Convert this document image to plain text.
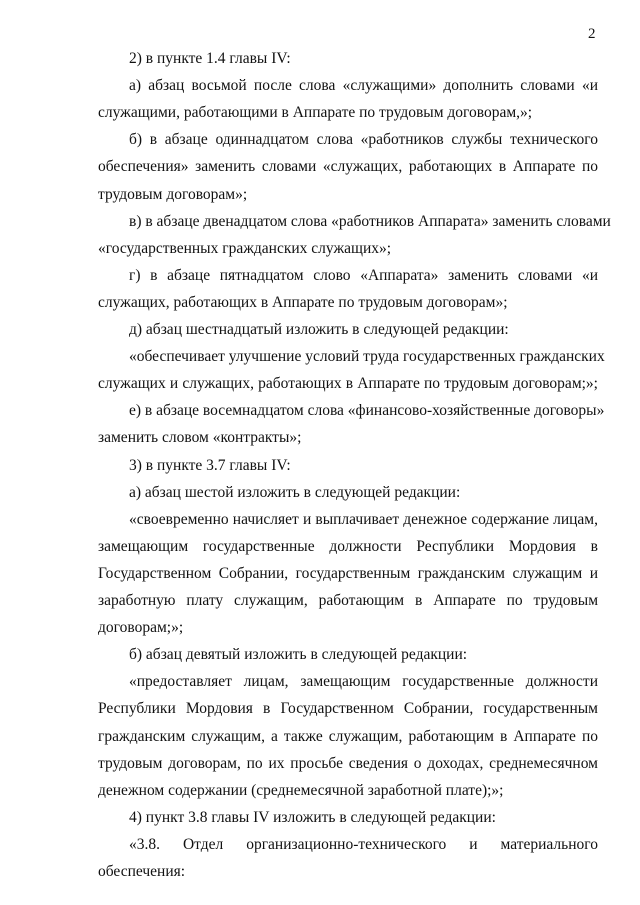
2
2) в пункте 1.4 главы IV:
а) абзац восьмой после слова «служащими» дополнить словами «и
служащими, работающими в Аппарате по трудовым договорам,»;
б) в абзаце одиннадцатом слова «работников службы технического
обеспечения» заменить словами «служащих, работающих в Аппарате по
трудовым договорам»;
в) в абзаце двенадцатом слова «работников Аппарата» заменить словами
«государственных гражданских служащих»;
г) в абзаце пятнадцатом слово «Аппарата» заменить словами «и
служащих, работающих в Аппарате по трудовым договорам»;
д) абзац шестнадцатый изложить в следующей редакции:
«обеспечивает улучшение условий труда государственных гражданских
служащих и служащих, работающих в Аппарате по трудовым договорам;»;
е) в абзаце восемнадцатом слова «финансово-хозяйственные договоры»
заменить словом «контракты»;
3) в пункте 3.7 главы IV:
а) абзац шестой изложить в следующей редакции:
«своевременно начисляет и выплачивает денежное содержание лицам,
замещающим государственные должности Республики Мордовия в
Государственном Собрании, государственным гражданским служащим и
заработную плату служащим, работающим в Аппарате по трудовым
договорам;»;
б) абзац девятый изложить в следующей редакции:
«предоставляет лицам, замещающим государственные должности
Республики Мордовия в Государственном Собрании, государственным
гражданским служащим, а также служащим, работающим в Аппарате по
трудовым договорам, по их просьбе сведения о доходах, среднемесячном
денежном содержании (среднемесячной заработной плате);»;
4) пункт 3.8 главы IV изложить в следующей редакции:
«3.8. Отдел организационно-технического и материального
обеспечения:
